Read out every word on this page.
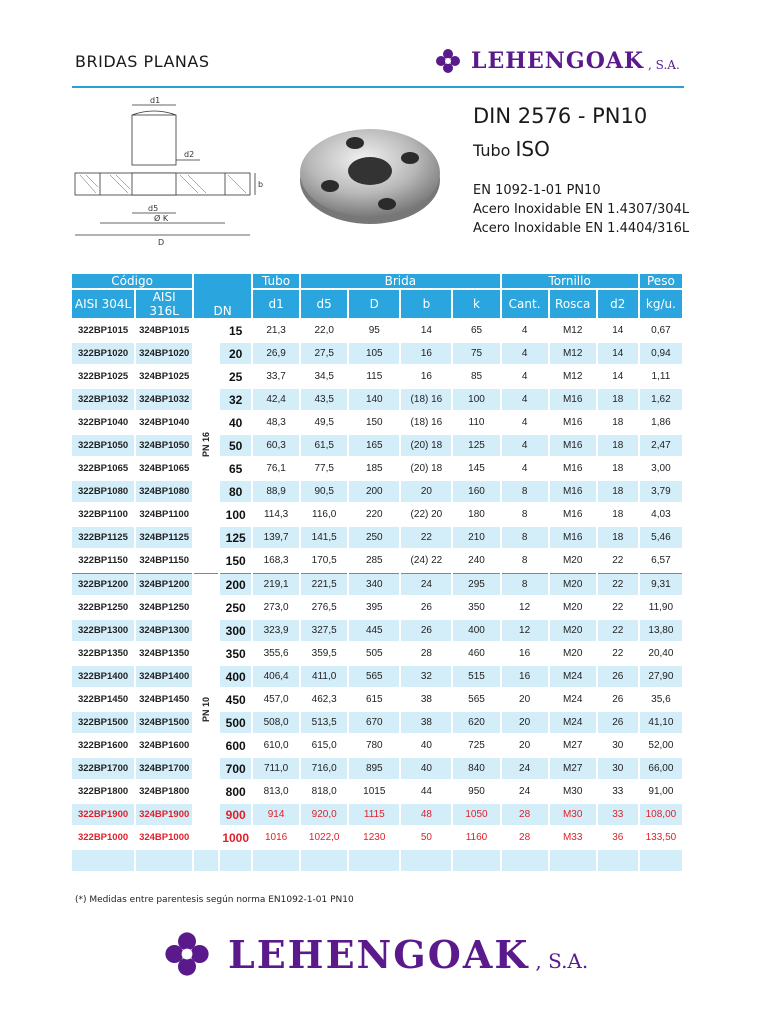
BRIDAS PLANAS	LEHENGOAK , S.A.
d1
d2
b
d5
Ø K
D
DIN 2576 - PN10
Tubo ISO
EN 1092-1-01 PN10
Acero Inoxidable EN 1.4307/304L
Acero Inoxidable EN 1.4404/316L
Código		DN		Tubo	Brida				Tornillo			Peso
AISI 304L	AISI 316L			d1	d5	D	b	k	Cant.	Rosca	d2	kg/u.
322BP1015	324BP1015	PN 16	15	21,3	22,0	95	14	65	4	M12	14	0,67
322BP1020	324BP1020		20	26,9	27,5	105	16	75	4	M12	14	0,94
322BP1025	324BP1025		25	33,7	34,5	115	16	85	4	M12	14	1,11
322BP1032	324BP1032		32	42,4	43,5	140	(18) 16	100	4	M16	18	1,62
322BP1040	324BP1040		40	48,3	49,5	150	(18) 16	110	4	M16	18	1,86
322BP1050	324BP1050		50	60,3	61,5	165	(20) 18	125	4	M16	18	2,47
322BP1065	324BP1065		65	76,1	77,5	185	(20) 18	145	4	M16	18	3,00
322BP1080	324BP1080		80	88,9	90,5	200	20	160	8	M16	18	3,79
322BP1100	324BP1100		100	114,3	116,0	220	(22) 20	180	8	M16	18	4,03
322BP1125	324BP1125		125	139,7	141,5	250	22	210	8	M16	18	5,46
322BP1150	324BP1150		150	168,3	170,5	285	(24) 22	240	8	M20	22	6,57
322BP1200	324BP1200	PN 10	200	219,1	221,5	340	24	295	8	M20	22	9,31
322BP1250	324BP1250		250	273,0	276,5	395	26	350	12	M20	22	11,90
322BP1300	324BP1300		300	323,9	327,5	445	26	400	12	M20	22	13,80
322BP1350	324BP1350		350	355,6	359,5	505	28	460	16	M20	22	20,40
322BP1400	324BP1400		400	406,4	411,0	565	32	515	16	M24	26	27,90
322BP1450	324BP1450		450	457,0	462,3	615	38	565	20	M24	26	35,6
322BP1500	324BP1500		500	508,0	513,5	670	38	620	20	M24	26	41,10
322BP1600	324BP1600		600	610,0	615,0	780	40	725	20	M27	30	52,00
322BP1700	324BP1700		700	711,0	716,0	895	40	840	24	M27	30	66,00
322BP1800	324BP1800		800	813,0	818,0	1015	44	950	24	M30	33	91,00
322BP1900	324BP1900		900	914	920,0	1115	48	1050	28	M30	33	108,00
322BP1000	324BP1000		1000	1016	1022,0	1230	50	1160	28	M33	36	133,50

(*) Medidas entre parentesis según norma EN1092-1-01 PN10
LEHENGOAK , S.A.
